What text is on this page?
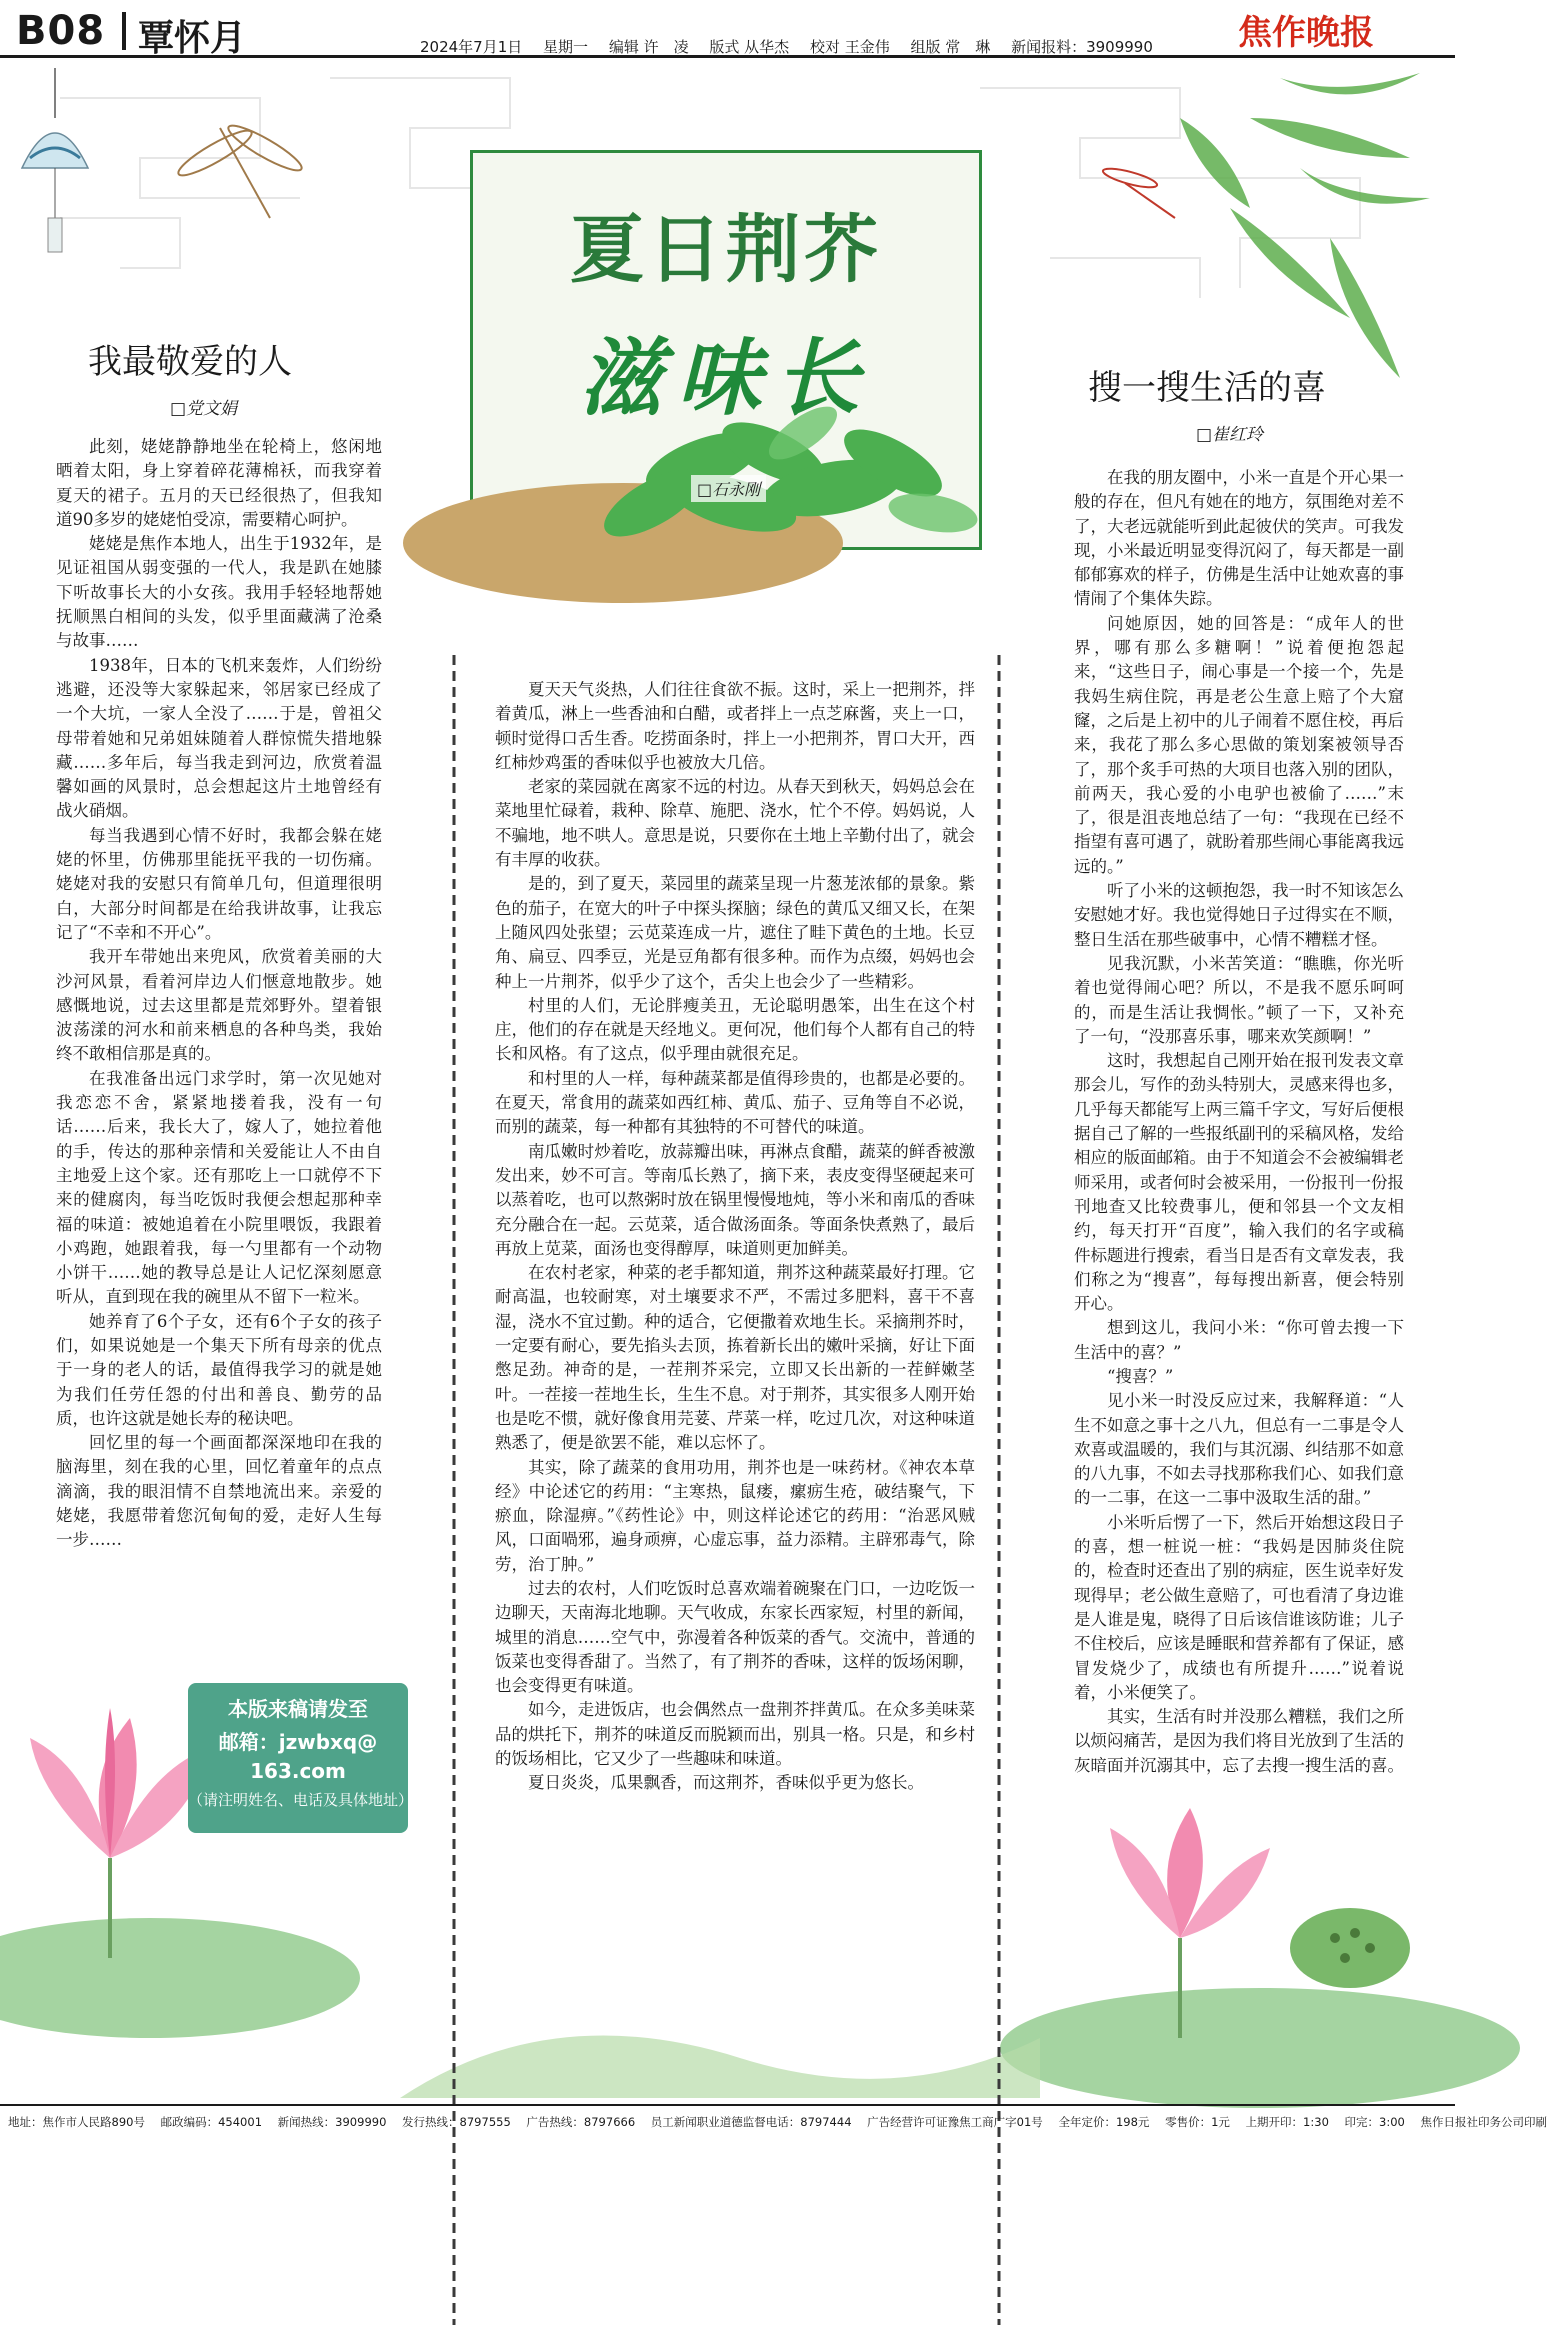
B08 覃怀月	2024年7月1日 星期一 编辑 许　凌 版式 从华杰 校对 王金伟 组版 常　琳 新闻报料：3909990	焦作晚报
夏日荆芥
滋味长
□石永刚
我最敬爱的人
□党文娟

此刻，姥姥静静地坐在轮椅上，悠闲地晒着太阳，身上穿着碎花薄棉袄，而我穿着夏天的裙子。五月的天已经很热了，但我知道90多岁的姥姥怕受凉，需要精心呵护。

姥姥是焦作本地人，出生于1932年，是见证祖国从弱变强的一代人，我是趴在她膝下听故事长大的小女孩。我用手轻轻地帮她抚顺黑白相间的头发，似乎里面藏满了沧桑与故事……

1938年，日本的飞机来轰炸，人们纷纷逃避，还没等大家躲起来，邻居家已经成了一个大坑，一家人全没了……于是，曾祖父母带着她和兄弟姐妹随着人群惊慌失措地躲藏……多年后，每当我走到河边，欣赏着温馨如画的风景时，总会想起这片土地曾经有战火硝烟。

每当我遇到心情不好时，我都会躲在姥姥的怀里，仿佛那里能抚平我的一切伤痛。姥姥对我的安慰只有简单几句，但道理很明白，大部分时间都是在给我讲故事，让我忘记了“不幸和不开心”。

我开车带她出来兜风，欣赏着美丽的大沙河风景，看着河岸边人们惬意地散步。她感慨地说，过去这里都是荒郊野外。望着银波荡漾的河水和前来栖息的各种鸟类，我始终不敢相信那是真的。

在我准备出远门求学时，第一次见她对我恋恋不舍，紧紧地搂着我，没有一句话……后来，我长大了，嫁人了，她拉着他的手，传达的那种亲情和关爱能让人不由自主地爱上这个家。还有那吃上一口就停不下来的健腐肉，每当吃饭时我便会想起那种幸福的味道：被她追着在小院里喂饭，我跟着小鸡跑，她跟着我，每一勺里都有一个动物小饼干……她的教导总是让人记忆深刻愿意听从，直到现在我的碗里从不留下一粒米。

她养育了6个子女，还有6个子女的孩子们，如果说她是一个集天下所有母亲的优点于一身的老人的话，最值得我学习的就是她为我们任劳任怨的付出和善良、勤劳的品质，也许这就是她长寿的秘诀吧。

回忆里的每一个画面都深深地印在我的脑海里，刻在我的心里，回忆着童年的点点滴滴，我的眼泪情不自禁地流出来。亲爱的姥姥，我愿带着您沉甸甸的爱，走好人生每一步……

本版来稿请发至
邮箱：jzwbxq@
163.com
（请注明姓名、电话及具体地址）

夏天天气炎热，人们往往食欲不振。这时，采上一把荆芥，拌着黄瓜，淋上一些香油和白醋，或者拌上一点芝麻酱，夹上一口，顿时觉得口舌生香。吃捞面条时，拌上一小把荆芥，胃口大开，西红柿炒鸡蛋的香味似乎也被放大几倍。

老家的菜园就在离家不远的村边。从春天到秋天，妈妈总会在菜地里忙碌着，栽种、除草、施肥、浇水，忙个不停。妈妈说，人不骗地，地不哄人。意思是说，只要你在土地上辛勤付出了，就会有丰厚的收获。

是的，到了夏天，菜园里的蔬菜呈现一片葱茏浓郁的景象。紫色的茄子，在宽大的叶子中探头探脑；绿色的黄瓜又细又长，在架上随风四处张望；云苋菜连成一片，遮住了畦下黄色的土地。长豆角、扁豆、四季豆，光是豆角都有很多种。而作为点缀，妈妈也会种上一片荆芥，似乎少了这个，舌尖上也会少了一些精彩。

村里的人们，无论胖瘦美丑，无论聪明愚笨，出生在这个村庄，他们的存在就是天经地义。更何况，他们每个人都有自己的特长和风格。有了这点，似乎理由就很充足。

和村里的人一样，每种蔬菜都是值得珍贵的，也都是必要的。在夏天，常食用的蔬菜如西红柿、黄瓜、茄子、豆角等自不必说，而别的蔬菜，每一种都有其独特的不可替代的味道。

南瓜嫩时炒着吃，放蒜瓣出味，再淋点食醋，蔬菜的鲜香被激发出来，妙不可言。等南瓜长熟了，摘下来，表皮变得坚硬起来可以蒸着吃，也可以熬粥时放在锅里慢慢地炖，等小米和南瓜的香味充分融合在一起。云苋菜，适合做汤面条。等面条快煮熟了，最后再放上苋菜，面汤也变得醇厚，味道则更加鲜美。

在农村老家，种菜的老手都知道，荆芥这种蔬菜最好打理。它耐高温，也较耐寒，对土壤要求不严，不需过多肥料，喜干不喜湿，浇水不宜过勤。种的适合，它便撒着欢地生长。采摘荆芥时，一定要有耐心，要先掐头去顶，拣着新长出的嫩叶采摘，好让下面憋足劲。神奇的是，一茬荆芥采完，立即又长出新的一茬鲜嫩茎叶。一茬接一茬地生长，生生不息。对于荆芥，其实很多人刚开始也是吃不惯，就好像食用芫荽、芹菜一样，吃过几次，对这种味道熟悉了，便是欲罢不能，难以忘怀了。

其实，除了蔬菜的食用功用，荆芥也是一味药材。《神农本草经》中论述它的药用：“主寒热，鼠瘘，瘰疬生疮，破结聚气，下瘀血，除湿痹。”《药性论》中，则这样论述它的药用：“治恶风贼风，口面喎邪，遍身顽痹，心虚忘事，益力添精。主辟邪毒气，除劳，治丁肿。”

过去的农村，人们吃饭时总喜欢端着碗聚在门口，一边吃饭一边聊天，天南海北地聊。天气收成，东家长西家短，村里的新闻，城里的消息……空气中，弥漫着各种饭菜的香气。交流中，普通的饭菜也变得香甜了。当然了，有了荆芥的香味，这样的饭场闲聊，也会变得更有味道。

如今，走进饭店，也会偶然点一盘荆芥拌黄瓜。在众多美味菜品的烘托下，荆芥的味道反而脱颖而出，别具一格。只是，和乡村的饭场相比，它又少了一些趣味和味道。

夏日炎炎，瓜果飘香，而这荆芥，香味似乎更为悠长。

搜一搜生活的喜
□崔红玲

在我的朋友圈中，小米一直是个开心果一般的存在，但凡有她在的地方，氛围绝对差不了，大老远就能听到此起彼伏的笑声。可我发现，小米最近明显变得沉闷了，每天都是一副郁郁寡欢的样子，仿佛是生活中让她欢喜的事情闹了个集体失踪。

问她原因，她的回答是：“成年人的世界，哪有那么多糖啊！”说着便抱怨起来，“这些日子，闹心事是一个接一个，先是我妈生病住院，再是老公生意上赔了个大窟窿，之后是上初中的儿子闹着不愿住校，再后来，我花了那么多心思做的策划案被领导否了，那个炙手可热的大项目也落入别的团队，前两天，我心爱的小电驴也被偷了……”末了，很是沮丧地总结了一句：“我现在已经不指望有喜可遇了，就盼着那些闹心事能离我远远的。”

听了小米的这顿抱怨，我一时不知该怎么安慰她才好。我也觉得她日子过得实在不顺，整日生活在那些破事中，心情不糟糕才怪。

见我沉默，小米苦笑道：“瞧瞧，你光听着也觉得闹心吧？所以，不是我不愿乐呵呵的，而是生活让我惆怅。”顿了一下，又补充了一句，“没那喜乐事，哪来欢笑颜啊！”

这时，我想起自己刚开始在报刊发表文章那会儿，写作的劲头特别大，灵感来得也多，几乎每天都能写上两三篇千字文，写好后便根据自己了解的一些报纸副刊的采稿风格，发给相应的版面邮箱。由于不知道会不会被编辑老师采用，或者何时会被采用，一份报刊一份报刊地查又比较费事儿，便和邻县一个文友相约，每天打开“百度”，输入我们的名字或稿件标题进行搜索，看当日是否有文章发表，我们称之为“搜喜”，每每搜出新喜，便会特别开心。

想到这儿，我问小米：“你可曾去搜一下生活中的喜？”

“搜喜？”

见小米一时没反应过来，我解释道：“人生不如意之事十之八九，但总有一二事是令人欢喜或温暖的，我们与其沉溺、纠结那不如意的八九事，不如去寻找那称我们心、如我们意的一二事，在这一二事中汲取生活的甜。”

小米听后愣了一下，然后开始想这段日子的喜，想一桩说一桩：“我妈是因肺炎住院的，检查时还查出了别的病症，医生说幸好发现得早；老公做生意赔了，可也看清了身边谁是人谁是鬼，晓得了日后该信谁该防谁；儿子不住校后，应该是睡眠和营养都有了保证，感冒发烧少了，成绩也有所提升……”说着说着，小米便笑了。

其实，生活有时并没那么糟糕，我们之所以烦闷痛苦，是因为我们将目光放到了生活的灰暗面并沉溺其中，忘了去搜一搜生活的喜。

地址：焦作市人民路890号 邮政编码：454001 新闻热线：3909990 发行热线：8797555 广告热线：8797666 员工新闻职业道德监督电话：8797444 广告经营许可证豫焦工商广字01号 全年定价：198元 零售价：1元 上期开印：1:30 印完：3:00 焦作日报社印务公司印刷
